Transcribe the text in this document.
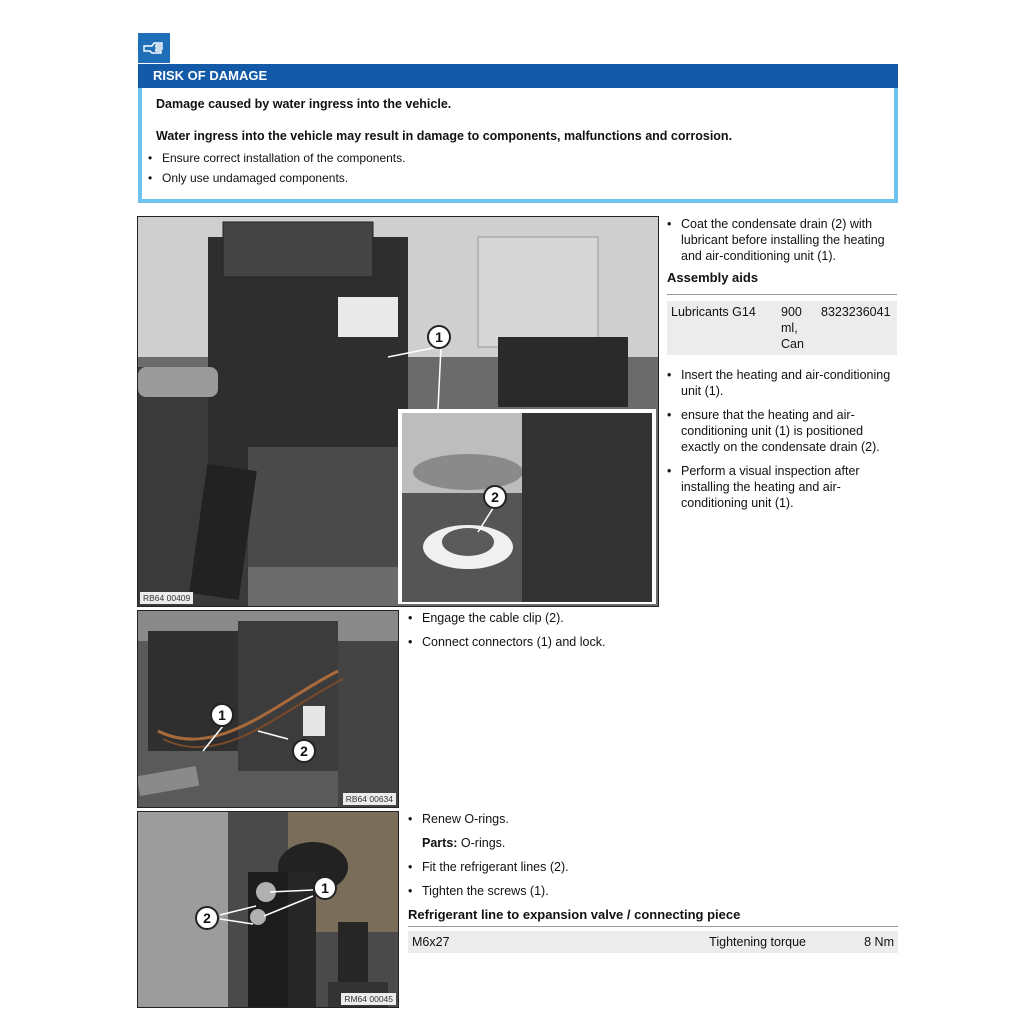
RISK OF DAMAGE
Damage caused by water ingress into the vehicle.
Water ingress into the vehicle may result in damage to components, malfunctions and corrosion.
• Ensure correct installation of the components.
• Only use undamaged components.
1
2
RB64 00409
• Coat the condensate drain (2) with lubricant before installing the heating and air-conditioning unit (1).
Assembly aids
Lubricants G14	900 ml, Can	8323236041
• Insert the heating and air-conditioning unit (1).
• ensure that the heating and air-conditioning unit (1) is positioned exactly on the condensate drain (2).
• Perform a visual inspection after installing the heating and air-conditioning unit (1).
1
2
RB64 00634
• Engage the cable clip (2).
• Connect connectors (1) and lock.
1
2
RM64 00045
• Renew O-rings.
Parts: O-rings.
• Fit the refrigerant lines (2).
• Tighten the screws (1).
Refrigerant line to expansion valve / connecting piece
M6x27	Tightening torque	8 Nm
